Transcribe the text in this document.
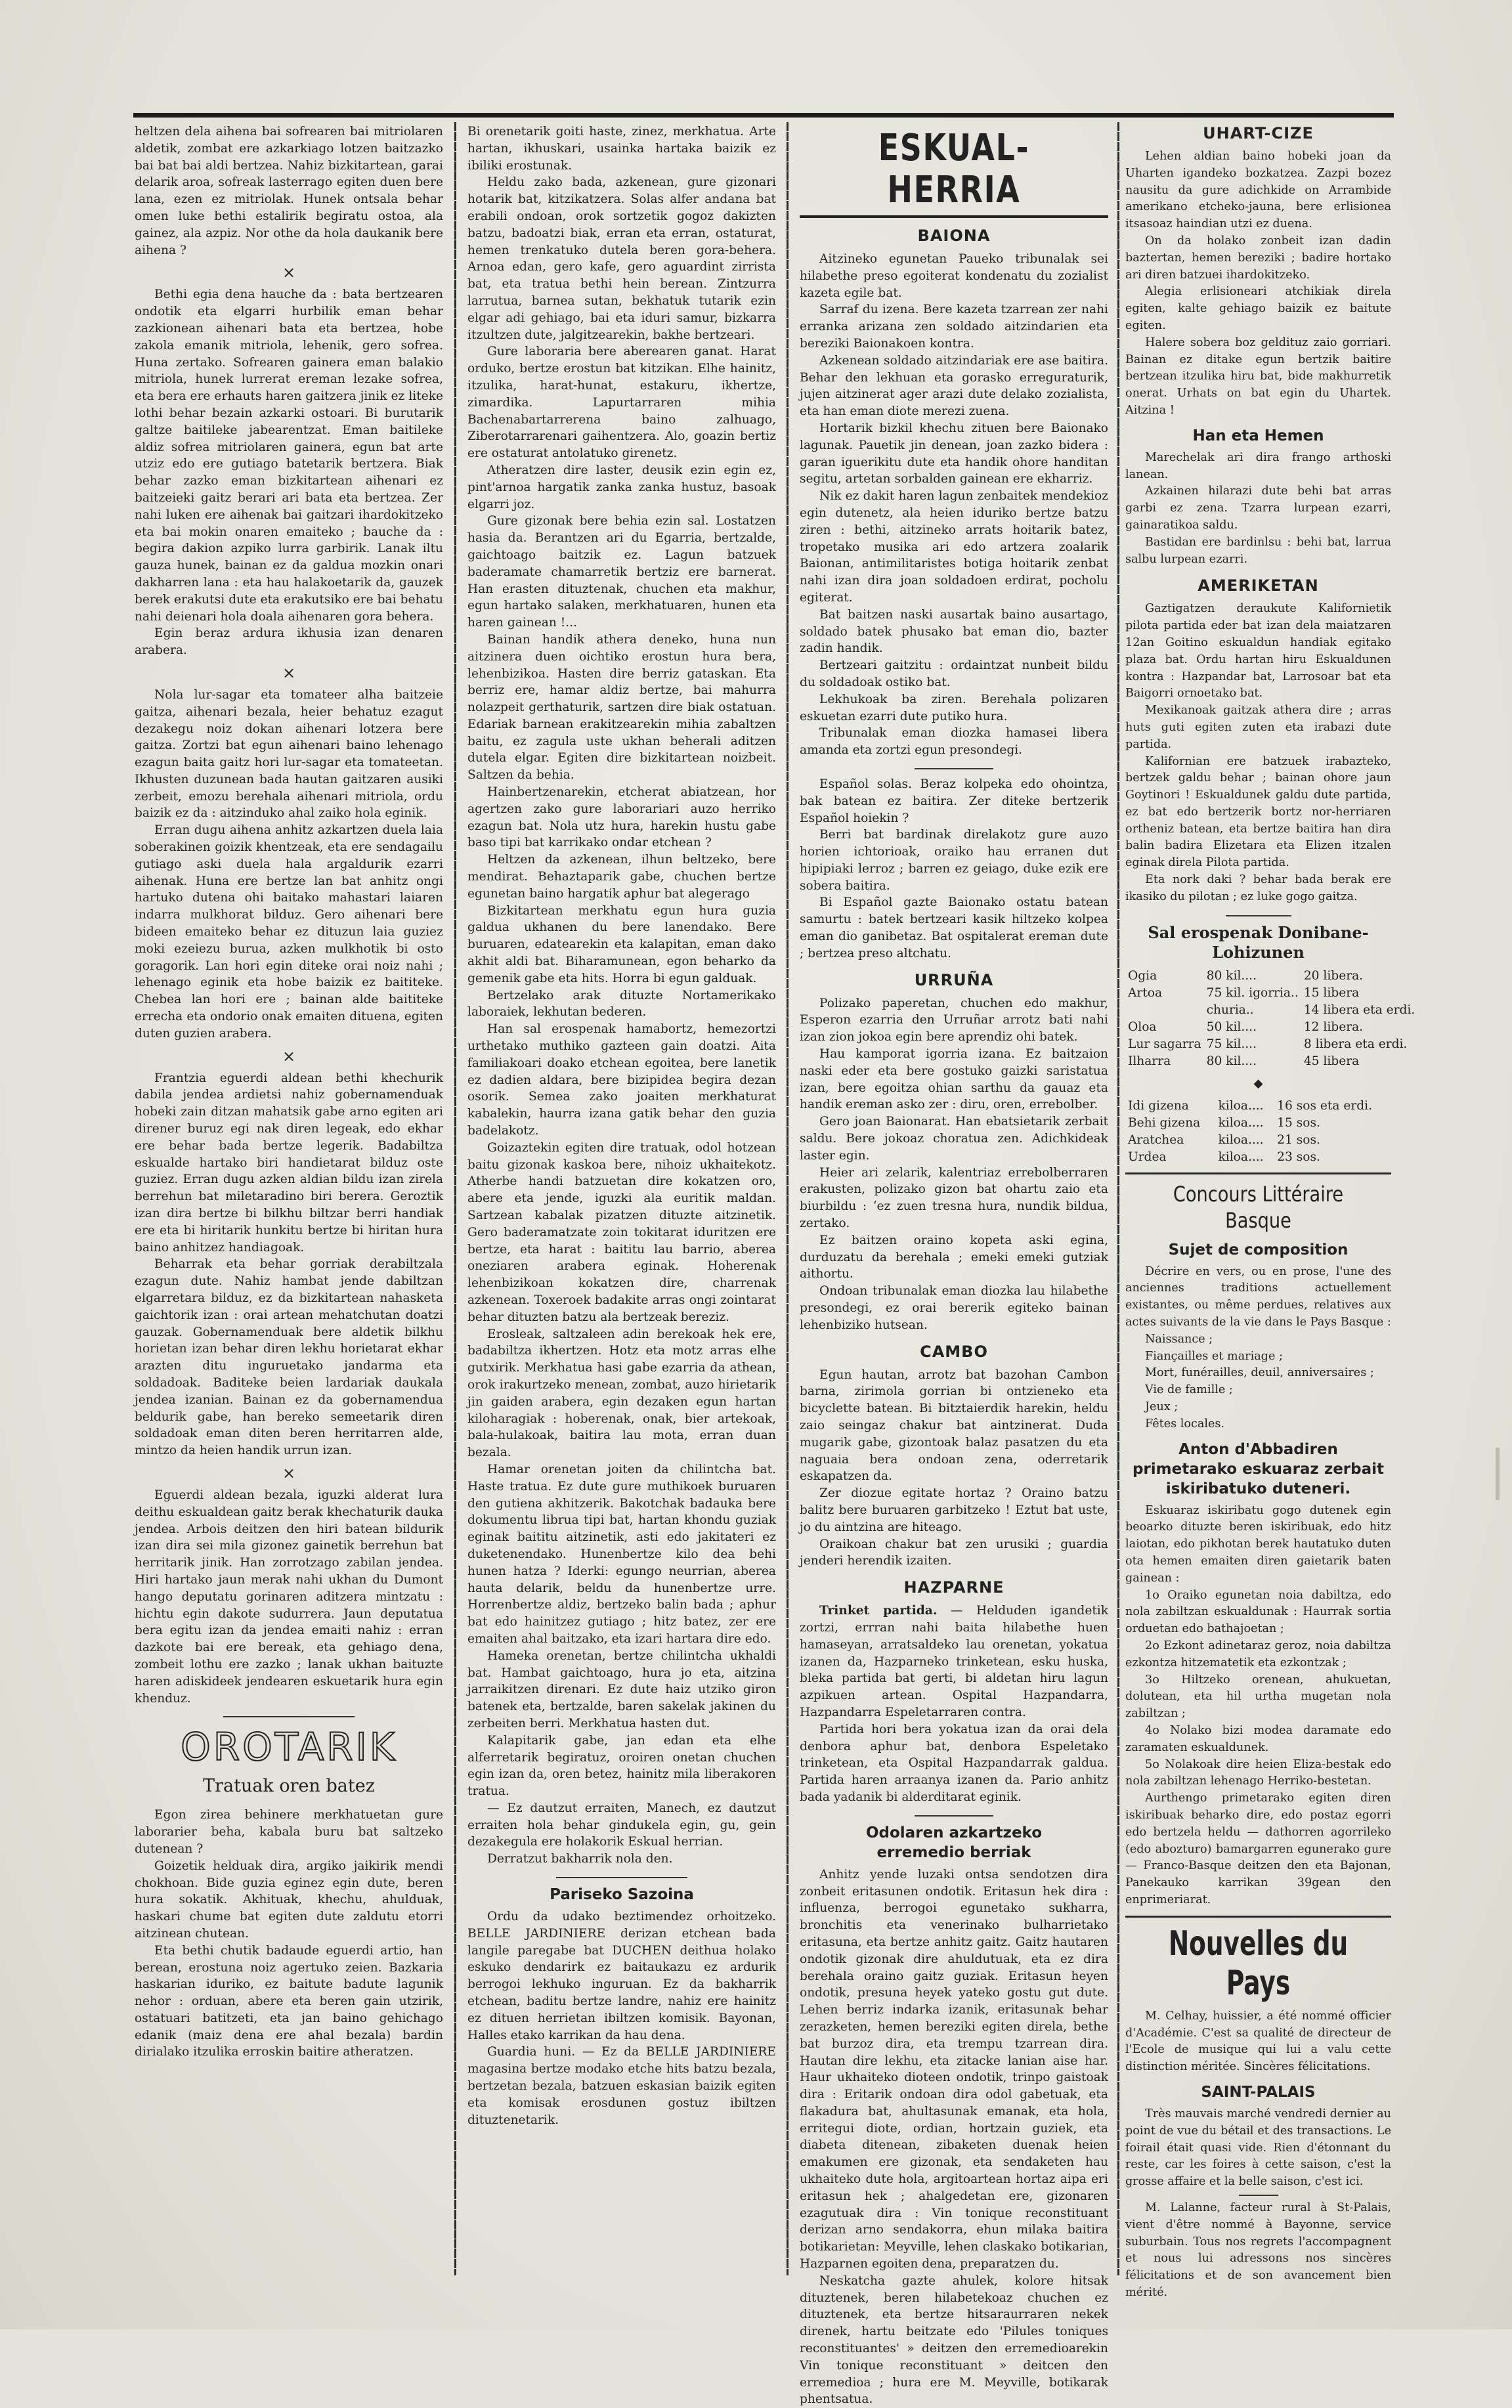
heltzen dela aihena bai sofrearen bai mitriolaren aldetik, zombat ere azkarkiago lotzen baitzazko bai bat bai aldi bertzea. Nahiz bizkitartean, garai delarik aroa, sofreak lasterrago egiten duen bere lana, ezen ez mitriolak. Hunek ontsala behar omen luke bethi estalirik begiratu ostoa, ala gainez, ala azpiz. Nor othe da hola daukanik bere aihena ?

×

Bethi egia dena hauche da : bata bertzearen ondotik eta elgarri hurbilik eman behar zazkionean aihenari bata eta bertzea, hobe zakola emanik mitriola, lehenik, gero sofrea. Huna zertako. Sofrearen gainera eman balakio mitriola, hunek lurrerat ereman lezake sofrea, eta bera ere erhauts haren gaitzera jinik ez liteke lothi behar bezain azkarki ostoari. Bi burutarik galtze baitileke jabearentzat. Eman baitileke aldiz sofrea mitriolaren gainera, egun bat arte utziz edo ere gutiago batetarik bertzera. Biak behar zazko eman bizkitartean aihenari ez baitzeieki gaitz berari ari bata eta bertzea. Zer nahi luken ere aihenak bai gaitzari ihardokitzeko eta bai mokin onaren emaiteko ; bauche da : begira dakion azpiko lurra garbirik. Lanak iltu gauza hunek, bainan ez da galdua mozkin onari dakharren lana : eta hau halakoetarik da, gauzek berek erakutsi dute eta erakutsiko ere bai behatu nahi deienari hola doala aihenaren gora behera.

Egin beraz ardura ikhusia izan denaren arabera.

×

Nola lur-sagar eta tomateer alha baitzeie gaitza, aihenari bezala, heier behatuz ezagut dezakegu noiz dokan aihenari lotzera bere gaitza. Zortzi bat egun aihenari baino lehenago ezagun baita gaitz hori lur-sagar eta tomateetan. Ikhusten duzunean bada hautan gaitzaren ausiki zerbeit, emozu berehala aihenari mitriola, ordu baizik ez da : aitzinduko ahal zaiko hola eginik.

Erran dugu aihena anhitz azkartzen duela laia soberakinen goizik khentzeak, eta ere sendagailu gutiago aski duela hala argaldurik ezarri aihenak. Huna ere bertze lan bat anhitz ongi hartuko dutena ohi baitako mahastari laiaren indarra mulkhorat bilduz. Gero aihenari bere bideen emaiteko behar ez dituzun laia guziez moki ezeiezu burua, azken mulkhotik bi osto goragorik. Lan hori egin diteke orai noiz nahi ; lehenago eginik eta hobe baizik ez baititeke. Chebea lan hori ere ; bainan alde baititeke errecha eta ondorio onak emaiten dituena, egiten duten guzien arabera.

×

Frantzia eguerdi aldean bethi khechurik dabila jendea ardietsi nahiz gobernamenduak hobeki zain ditzan mahatsik gabe arno egiten ari direner buruz egi nak diren legeak, edo ekhar ere behar bada bertze legerik. Badabiltza eskualde hartako biri handietarat bilduz oste guziez. Erran dugu azken aldian bildu izan zirela berrehun bat miletaradino biri berera. Geroztik izan dira bertze bi bilkhu biltzar berri handiak ere eta bi hiritarik hunkitu bertze bi hiritan hura baino anhitzez handiagoak.

Beharrak eta behar gorriak derabiltzala ezagun dute. Nahiz hambat jende dabiltzan elgarretara bilduz, ez da bizkitartean nahasketa gaichtorik izan : orai artean mehatchutan doatzi gauzak. Gobernamenduak bere aldetik bilkhu horietan izan behar diren lekhu horietarat ekhar arazten ditu inguruetako jandarma eta soldadoak. Baditeke beien lardariak daukala jendea izanian. Bainan ez da gobernamendua beldurik gabe, han bereko semeetarik diren soldadoak eman diten beren herritarren alde, mintzo da heien handik urrun izan.

×

Eguerdi aldean bezala, iguzki alderat lura deithu eskualdean gaitz berak khechaturik dauka jendea. Arbois deitzen den hiri batean bildurik izan dira sei mila gizonez gainetik berrehun bat herritarik jinik. Han zorrotzago zabilan jendea. Hiri hartako jaun merak nahi ukhan du Dumont hango deputatu gorinaren aditzera mintzatu : hichtu egin dakote sudurrera. Jaun deputatua bera egitu izan da jendea emaiti nahiz : erran dazkote bai ere bereak, eta gehiago dena, zombeit lothu ere zazko ; lanak ukhan baituzte haren adiskideek jendearen eskuetarik hura egin khenduz.

OROTARIK
Tratuak oren batez

Egon zirea behinere merkhatuetan gure laborarier beha, kabala buru bat saltzeko dutenean ?

Goizetik helduak dira, argiko jaikirik mendi chokhoan. Bide guzia eginez egin dute, beren hura sokatik. Akhituak, khechu, ahulduak, haskari chume bat egiten dute zaldutu etorri aitzinean chutean.

Eta bethi chutik badaude eguerdi artio, han berean, erostuna noiz agertuko zeien. Bazkaria haskarian iduriko, ez baitute badute lagunik nehor : orduan, abere eta beren gain utzirik, ostatuari batitzeti, eta jan baino gehichago edanik (maiz dena ere ahal bezala) bardin dirialako itzulika erroskin baitire atheratzen.

Bi orenetarik goiti haste, zinez, merkhatua. Arte hartan, ikhuskari, usainka hartaka baizik ez ibiliki erostunak.

Heldu zako bada, azkenean, gure gizonari hotarik bat, kitzikatzera. Solas alfer andana bat erabili ondoan, orok sortzetik gogoz dakizten batzu, badoatzi biak, erran eta erran, ostaturat, hemen trenkatuko dutela beren gora-behera. Arnoa edan, gero kafe, gero aguardint zirrista bat, eta tratua bethi hein berean. Zintzurra larrutua, barnea sutan, bekhatuk tutarik ezin elgar adi gehiago, bai eta iduri samur, bizkarra itzultzen dute, jalgitzearekin, bakhe bertzeari.

Gure laborariа bere aberearen ganat. Harat orduko, bertze erostun bat kitzikan. Elhe hainitz, itzulika, harat-hunat, estakuru, ikhertze, zimardika. Lapurtarraren mihia Bachenabartarrerena baino zalhuago, Ziberotarrarenari gaihentzera. Alo, goazin bertiz ere ostaturat antolatuko girenetz.

Atheratzen dire laster, deusik ezin egin ez, pint'arnoa hargatik zanka zanka hustuz, basoak elgarri joz.

Gure gizonak bere behia ezin sal. Lostatzen hasia da. Berantzen ari du Egarria, bertzalde, gaichtoago baitzik ez. Lagun batzuek baderamate chamarretik bertziz ere barnerat. Han erasten dituztenak, chuchen eta makhur, egun hartako salaken, merkhatuaren, hunen eta haren gainean !...

Bainan handik athera deneko, huna nun aitzinera duen oichtiko erostun hura bera, lehenbizikoa. Hasten dire berriz gataskan. Eta berriz ere, hamar aldiz bertze, bai mahurra nolazpeit gerthaturik, sartzen dire biak ostatuan. Edariak barnean erakitzearekin mihia zabaltzen baitu, ez zagula uste ukhan beherali aditzen dutela elgar. Egiten dire bizkitartean noizbeit. Saltzen da behia.

Hainbertzenarekin, etcherat abiatzean, hor agertzen zako gure laborariari auzo herriko ezagun bat. Nola utz hura, harekin hustu gabe baso tipi bat karrikako ondar etchean ?

Heltzen da azkenean, ilhun beltzeko, bere mendirat. Behaztaparik gabe, chuchen bertze egunetan baino hargatik aphur bat alegerago

Bizkitartean merkhatu egun hura guzia galdua ukhanen du bere lanendako. Bere buruaren, edatearekin eta kalapitan, eman dako akhit aldi bat. Biharamunean, egon beharko da gemenik gabe eta hits. Horra bi egun galduak.

Bertzelako arak dituzte Nortamerikako laboraiek, lekhutan bederen.

Han sal erospenak hamabortz, hemezortzi urthetako muthiko gazteen gain doatzi. Aita familiakoari doako etchean egoitea, bere lanetik ez dadien aldara, bere bizipidea begira dezan osorik. Semea zako joaiten merkhaturat kabalekin, haurra izana gatik behar den guzia badelakotz.

Goizaztekin egiten dire tratuak, odol hotzean baitu gizonak kaskoa bere, nihoiz ukhaitekotz. Atherbe handi batzuetan dire kokatzen oro, abere eta jende, iguzki ala euritik maldan. Sartzean kabalak pizatzen dituzte aitzinetik. Gero baderamatzate zoin tokitarat iduritzen ere bertze, eta harat : baititu lau barrio, aberea oneziaren arabera eginak. Hoherenak lehenbizikoan kokatzen dire, charrenak azkenean. Toxeroek badakite arras ongi zointarat behar dituzten batzu ala bertzeak bereziz.

Erosleak, saltzaleen adin berekoak hek ere, badabiltza ikhertzen. Hotz eta motz arras elhe gutxirik. Merkhatua hasi gabe ezarria da athean, orok irakurtzeko menean, zombat, auzo hirietarik jin gaiden arabera, egin dezaken egun hartan kiloharagiak : hoberenak, onak, bier artekoak, bala-hulakoak, baitira lau mota, erran duan bezala.

Hamar orenetan joiten da chilintcha bat. Haste tratua. Ez dute gure muthikoek buruaren den gutiena akhitzerik. Bakotchak badauka bere dokumentu librua tipi bat, hartan khondu guziak eginak baititu aitzinetik, asti edo jakitateri ez duketenendako. Hunenbertze kilo dea behi hunen hatza ? Iderki: egungo neurrian, aberea hauta delarik, beldu da hunenbertze urre. Horrenbertze aldiz, bertzeko balin bada ; aphur bat edo hainitzez gutiago ; hitz batez, zer ere emaiten ahal baitzako, eta izari hartara dire edo.

Hameka orenetan, bertze chilintcha ukhaldi bat. Hambat gaichtoago, hura jo eta, aitzina jarraikitzen direnari. Ez dute haiz utziko giron batenek eta, bertzalde, baren sakelak jakinen du zerbeiten berri. Merkhatua hasten dut.

Kalapitarik gabe, jan edan eta elhe alferretarik begiratuz, oroiren onetan chuchen egin izan da, oren betez, hainitz mila liberakoren tratua.

— Ez dautzut erraiten, Manech, ez dautzut erraiten hola behar gindukela egin, gu, gein dezakegula ere holakorik Eskual herrian.

Derratzut bakharrik nola den.

Pariseko Sazoina

Ordu da udako beztimendez orhoitzeko. BELLE JARDINIERE derizan etchean bada langile paregabe bat DUCHEN deithua holako eskuko dendarirk ez baitaukazu ez ardurik berrogoi lekhuko inguruan. Ez da bakharrik etchean, baditu bertze landre, nahiz ere hainitz ez dituen herrietan ibiltzen komisik. Bayonan, Halles etako karrikan da hau dena.

Guardia huni. — Ez da BELLE JARDINIERE magasina bertze modako etche hits batzu bezala, bertzetan bezala, batzuen eskasian baizik egiten eta komisak erosdunen gostuz ibiltzen dituztenetarik.

ESKUAL-HERRIA
BAIONA

Aitzineko egunetan Paueko tribunalak sei hilabethe preso egoiterat kondenatu du zozialist kazeta egile bat.

Sarraf du izena. Bere kazeta tzarrean zer nahi erranka arizana zen soldado aitzindarien eta bereziki Baionakoen kontra.

Azkenean soldado aitzindariak ere ase baitira. Behar den lekhuan eta gorasko erreguraturik, jujen aitzinerat ager arazi dute delako zozialista, eta han eman diote merezi zuena.

Hortarik bizkil khechu zituen bere Baionako lagunak. Pauetik jin denean, joan zazko bidera : garan iguerikitu dute eta handik ohore handitan segitu, artetan sorbalden gainean ere ekharriz.

Nik ez dakit haren lagun zenbaitek mendekioz egin dutenetz, ala heien iduriko bertze batzu ziren : bethi, aitzineko arrats hoitarik batez, tropetako musika ari edo artzera zoalarik Baionan, antimilitaristes botiga hoitarik zenbat nahi izan dira joan soldadoen erdirat, pocholu egiterat.

Bat baitzen naski ausartak baino ausartago, soldado batek phusako bat eman dio, bazter zadin handik.

Bertzeari gaitzitu : ordaintzat nunbeit bildu du soldadoak ostiko bat.

Lekhukoak ba ziren. Berehala polizaren eskuetan ezarri dute putiko hura.

Tribunalak eman diozka hamasei libera amanda eta zortzi egun presondegi.

Español solas. Beraz kolpeka edo ohointza, bak batean ez baitira. Zer diteke bertzerik Español hoiekin ?

Berri bat bardinak direlakotz gure auzo horien ichtorioak, oraiko hau erranen dut hipipiaki lerroz ; barren ez geiago, duke ezik ere sobera baitira.

Bi Español gazte Baionako ostatu batean samurtu : batek bertzeari kasik hiltzeko kolpea eman dio ganibetaz. Bat ospitalerat ereman dute ; bertzea preso altchatu.

URRUÑA

Polizako paperetan, chuchen edo makhur, Esperon ezarria den Urruñar arrotz bati nahi izan zion jokoa egin bere aprendiz ohi batek.

Hau kamporat igorria izana. Ez baitzaion naski eder eta bere gostuko gaizki saristatua izan, bere egoitza ohian sarthu da gauaz eta handik ereman asko zer : diru, oren, errebolber.

Gero joan Baionarat. Han ebatsietarik zerbait saldu. Bere jokoaz choratua zen. Adichkideak laster egin.

Heier ari zelarik, kalentriaz errebolberraren erakusten, polizako gizon bat ohartu zaio eta biurbildu : ‘ez zuen tresna hura, nundik bildua, zertako.

Ez baitzen oraino kopeta aski egina, durduzatu da berehala ; emeki emeki gutziak aithortu.

Ondoan tribunalak eman diozka lau hilabethe presondegi, ez orai bererik egiteko bainan lehenbiziko hutsean.

CAMBO

Egun hautan, arrotz bat bazohan Cambon barna, zirimola gorrian bi ontzieneko eta bicyclette batean. Bi bitztaierdik harekin, heldu zaio seingaz chakur bat aintzinerat. Duda mugarik gabe, gizontoak balaz pasatzen du eta naguaia bera ondoan zena, oderretarik eskapatzen da.

Zer diozue egitate hortaz ? Oraino batzu balitz bere buruaren garbitzeko ! Eztut bat uste, jo du aintzina are hiteago.

Oraikoan chakur bat zen urusiki ; guardia jenderi herendik izaiten.

HAZPARNE

Trinket partida. — Helduden igandetik zortzi, errran nahi baita hilabethe huen hamaseyan, arratsaldeko lau orenetan, yokatua izanen da, Hazparneko trinketean, esku huska, bleka partida bat gerti, bi aldetan hiru lagun azpikuen artean. Ospital Hazpandarra, Hazpandarra Espeletarraren contra.

Partida hori bera yokatua izan da orai dela denbora aphur bat, denbora Espeletako trinketean, eta Ospital Hazpandarrak galdua. Partida haren arraanya izanen da. Pario anhitz bada yadanik bi alderditarat eginik.

Odolaren azkartzeko
erremedio berriak

Anhitz yende luzaki ontsa sendotzen dira zonbeit eritasunen ondotik. Eritasun hek dira : influenza, berrogoi egunetako sukharra, bronchitis eta venerinako bulharrietako eritasuna, eta bertze anhitz gaitz. Gaitz hautaren ondotik gizonak dire ahuldutuak, eta ez dira berehala oraino gaitz guziak. Eritasun heyen ondotik, presuna heyek yateko gostu gut dute. Lehen berriz indarka izanik, eritasunak behar zerazketen, hemen bereziki egiten direla, bethe bat burzoz dira, eta trempu tzarrean dira. Hautan dire lekhu, eta zitacke lanian aise har. Haur ukhaiteko dioteen ondotik, trinpo gaistoak dira : Eritarik ondoan dira odol gabetuak, eta flakadura bat, ahultasunak emanak, eta hola, erritegui diote, ordian, hortzain guziek, eta diabeta ditenean, zibaketen duenak heien emakumen ere gizonak, eta sendaketen hau ukhaiteko dute hola, argitoartean hortaz aipa eri eritasun hek ; ahalgedetan ere, gizonaren ezagutuak dira : Vin tonique reconstituant derizan arno sendakorra, ehun milaka baitira botikarietan: Meyville, lehen claskako botikarian, Hazparnen egoiten dena, preparatzen du.

Neskatcha gazte ahulek, kolore hitsak dituztenek, beren hilabetekoaz chuchen ez dituztenek, eta bertze hitsaraurraren nekek direnek, hartu beitzate edo 'Pilules toniques reconstituantes' » deitzen den erremedioarekin Vin tonique reconstituant » deitcen den erremedioa ; hura ere M. Meyville, botikarak phentsatua.

UHART-CIZE

Lehen aldian baino hobeki joan da Uharten igandeko bozkatzea. Zazpi bozez nausitu da gure adichkide on Arrambide amerikano etcheko-jauna, bere erlisionea itsasoaz haindian utzi ez duena.

On da holako zonbeit izan dadin baztertan, hemen bereziki ; badire hortako ari diren batzuei ihardokitzeko.

Alegia erlisioneari atchikiak direla egiten, kalte gehiago baizik ez baitute egiten.

Halere sobera boz geldituz zaio gorriari. Bainan ez ditake egun bertzik baitire bertzean itzulika hiru bat, bide makhurretik onerat. Urhats on bat egin du Uhartek. Aitzina !

Han eta Hemen

Marechelak ari dira frango arthoski lanean.

Azkainen hilarazi dute behi bat arras garbi ez zena. Tzarra lurpean ezarri, gainaratikoa saldu.

Bastidan ere bardinlsu : behi bat, larrua salbu lurpean ezarri.

AMERIKETAN

Gaztigatzen deraukute Kalifornietik pilota partida eder bat izan dela maiatzaren 12an Goitino eskualdun handiak egitako plaza bat. Ordu hartan hiru Eskualdunen kontra : Hazpandar bat, Larrosoar bat eta Baigorri ornoetako bat.

Mexikanoak gaitzak athera dire ; arras huts guti egiten zuten eta irabazi dute partida.

Kalifornian ere batzuek irabazteko, bertzek galdu behar ; bainan ohore jaun Goytinori ! Eskualdunek galdu dute partida, ez bat edo bertzerik bortz nor-herriaren ortheniz batean, eta bertze baitira han dira balin badira Elizetara eta Elizen itzalen eginak direla Pilota partida.

Eta nork daki ? behar bada berak ere ikasiko du pilotan ; ez luke gogo gaitza.

Sal erospenak Donibane-Lohizunen
Ogia	80 kil....	20 libera.
Artoa	75 kil. igorria..	15 libera
	churia..	14 libera eta erdi.
Oloa	50 kil....	12 libera.
Lur sagarra	75 kil....	8 libera eta erdi.
Ilharra	80 kil....	45 libera
◆
Idi gizena	kiloa....	16 sos eta erdi.
Behi gizena	kiloa....	15 sos.
Aratchea	kiloa....	21 sos.
Urdea	kiloa....	23 sos.
Concours Littéraire Basque
Sujet de composition

Décrire en vers, ou en prose, l'une des anciennes traditions actuellement existantes, ou même perdues, relatives aux actes suivants de la vie dans le Pays Basque :

Naissance ;

Fiançailles et mariage ;

Mort, funérailles, deuil, anniversaires ;

Vie de famille ;

Jeux ;

Fêtes locales.

Anton d'Abbadiren primetarako eskuaraz zerbait iskiribatuko duteneri.

Eskuaraz iskiribatu gogo dutenek egin beoarko dituzte beren iskiribuak, edo hitz laiotan, edo pikhotan berek hautatuko duten ota hemen emaiten diren gaietarik baten gainean :

1o Oraiko egunetan noia dabiltza, edo nola zabiltzan eskualdunak : Haurrak sortia orduetan edo bathajoetan ;

2o Ezkont adinetaraz geroz, noia dabiltza ezkontza hitzematetik eta ezkontzak ;

3o Hiltzeko orenean, ahukuetan, dolutean, eta hil urtha mugetan nola zabiltzan ;

4o Nolako bizi modea daramate edo zaramaten eskualdunek.

5o Nolakoak dire heien Eliza-bestak edo nola zabiltzan lehenago Herriko-bestetan.

Aurthengo primetarako egiten diren iskiribuak beharko dire, edo postaz egorri edo bertzela heldu — dathorren agorrileko (edo abozturo) bamargarren egunerako gure — Franco-Basque deitzen den eta Bajonan, Panekauko karrikan 39gean den enprimeriarat.

Nouvelles du Pays

M. Celhay, huissier, a été nommé officier d'Académie. C'est sa qualité de directeur de l'Ecole de musique qui lui a valu cette distinction méritée. Sincères félicitations.

SAINT-PALAIS

Très mauvais marché vendredi dernier au point de vue du bétail et des transactions. Le foirail était quasi vide. Rien d'étonnant du reste, car les foires à cette saison, c'est la grosse affaire et la belle saison, c'est ici.

M. Lalanne, facteur rural à St-Palais, vient d'être nommé à Bayonne, service suburbain. Tous nos regrets l'accompagnent et nous lui adressons nos sincères félicitations et de son avancement bien mérité.
